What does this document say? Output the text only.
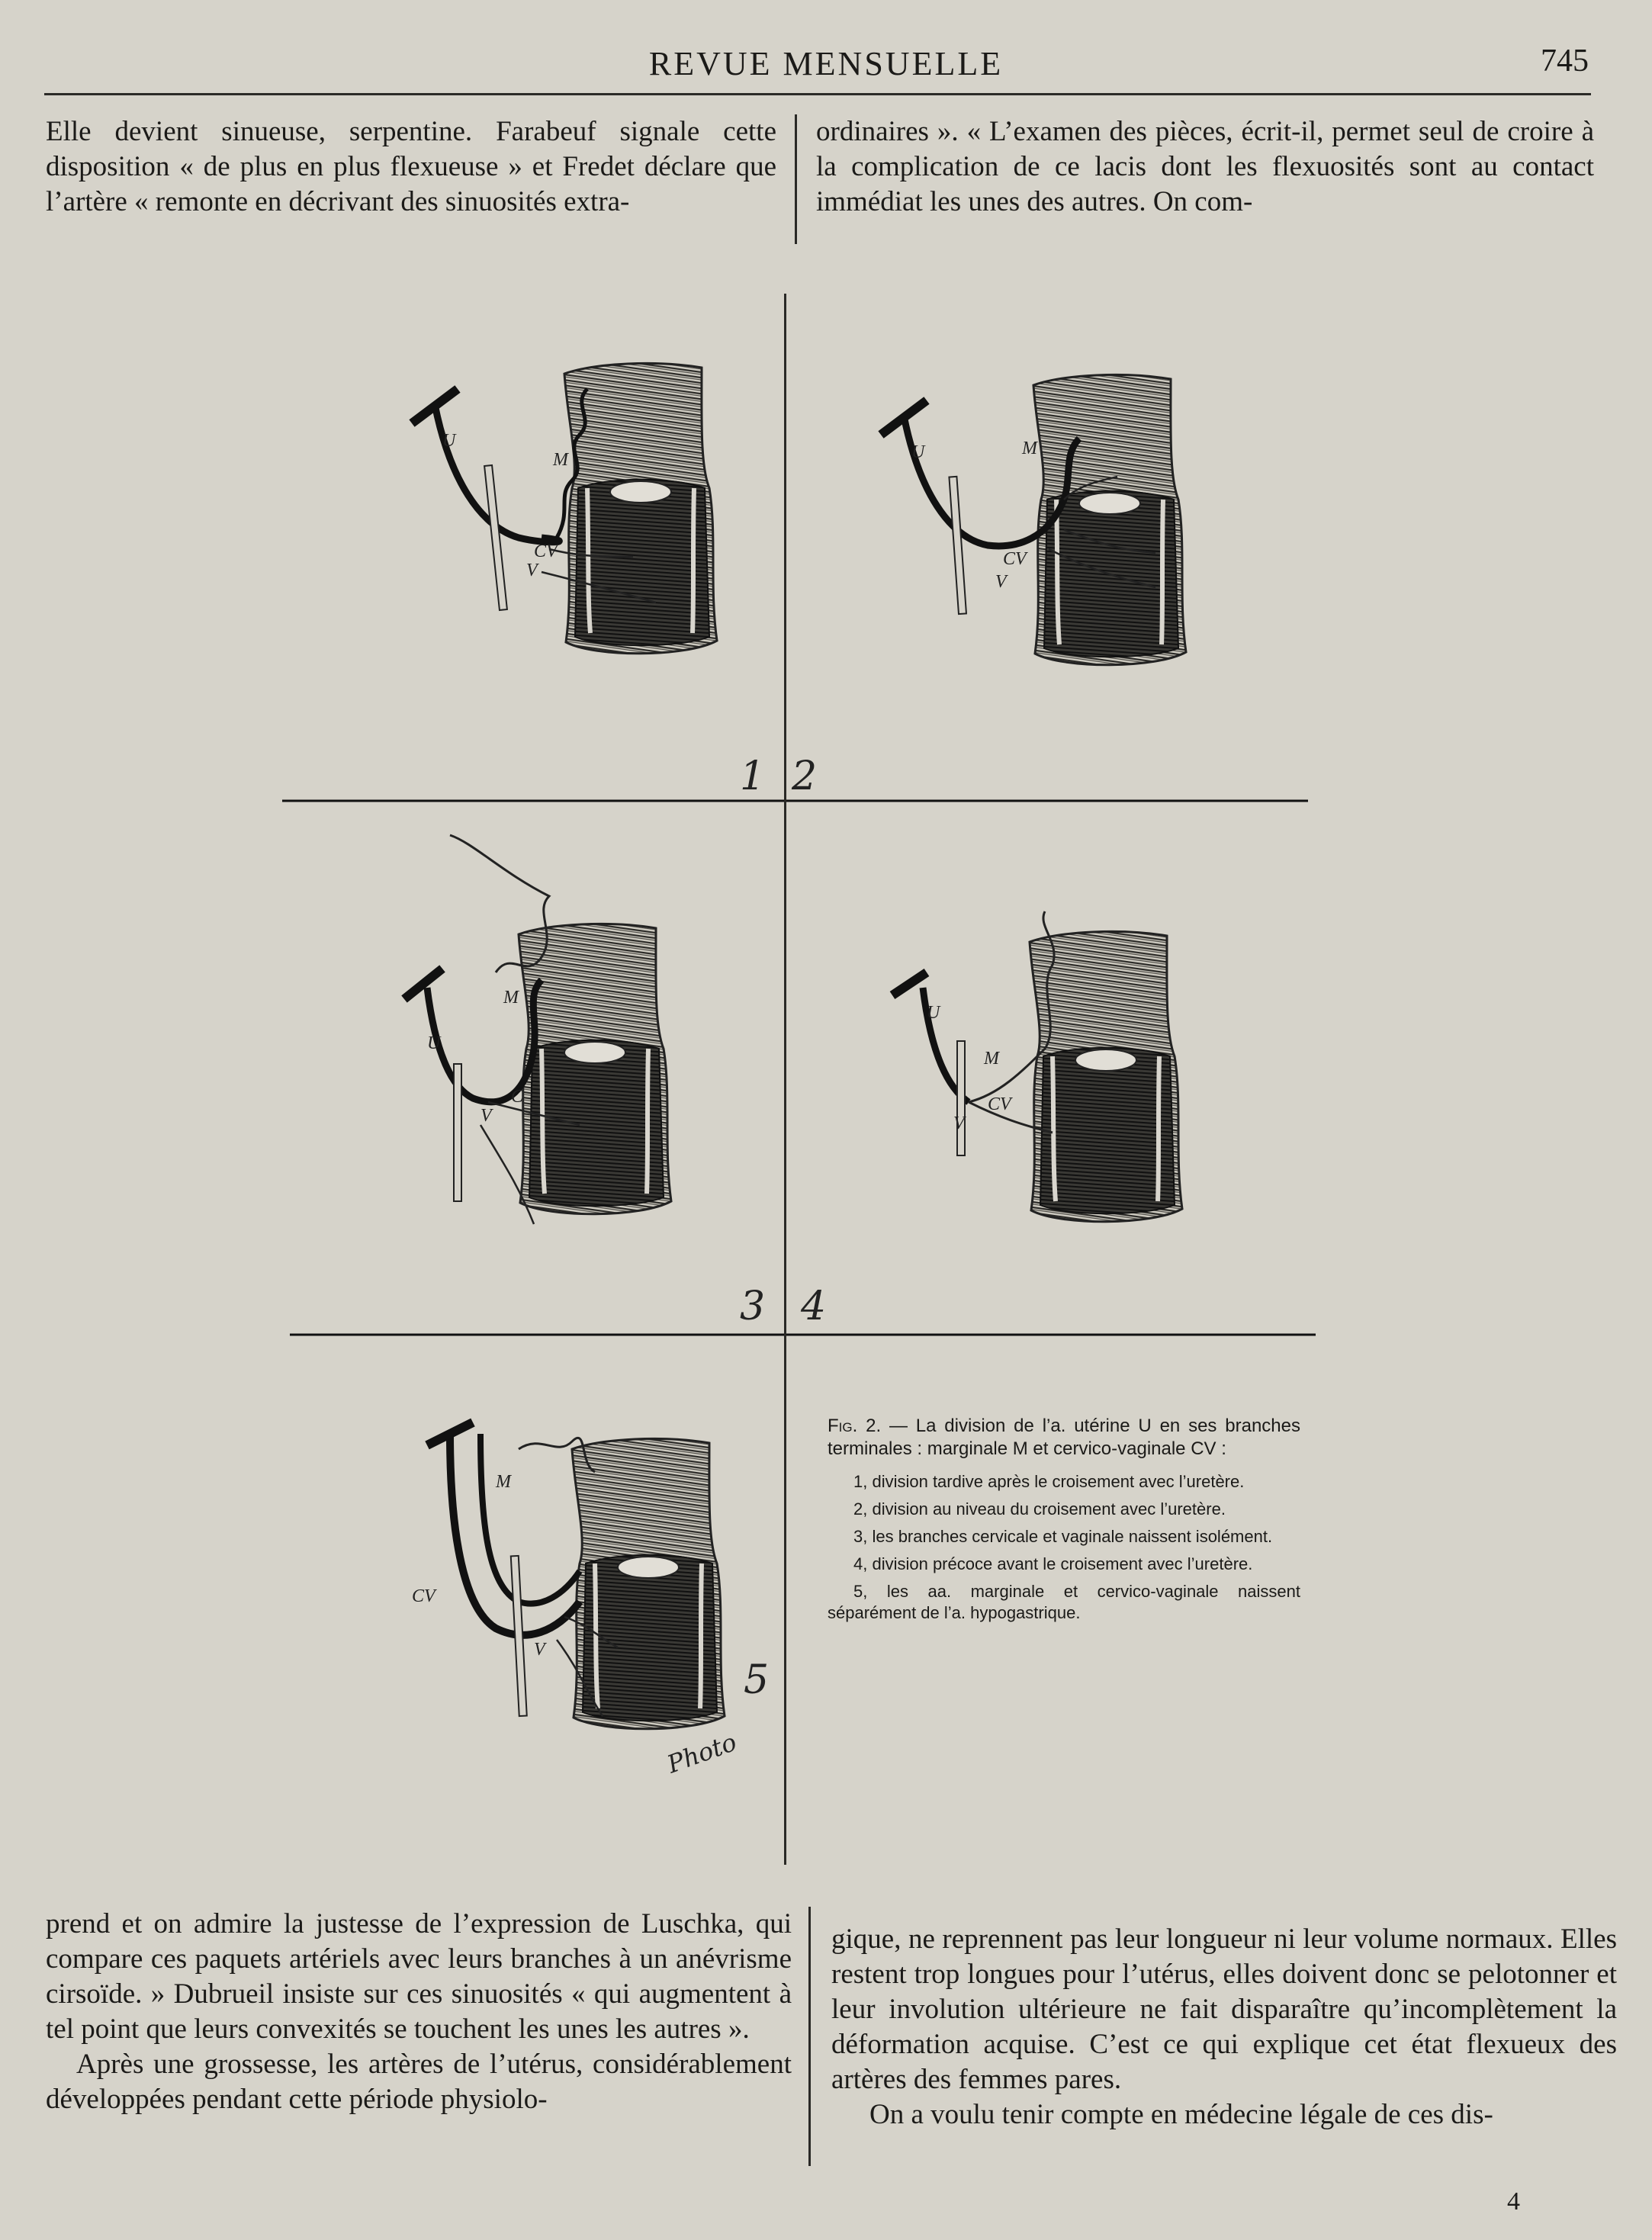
REVUE MENSUELLE	745

Elle devient sinueuse, serpentine. Farabeuf signale cette disposition « de plus en plus flexueuse » et Fredet déclare que l’artère « remonte en décrivant des sinuosités extra-

ordinaires ». « L’examen des pièces, écrit-il, permet seul de croire à la complication de ce lacis dont les flexuosités sont au contact immédiat les unes des autres. On com-

U
M
CV
V
1
U	M
CV
V
2
U
M
C
V
3
U
M
CV
V
4
M
CV
V
5
Photo

Fig. 2. — La division de l’a. utérine U en ses branches terminales : marginale M et cervico-vaginale CV :

1, division tardive après le croisement avec l’uretère.

2, division au niveau du croisement avec l’uretère.

3, les branches cervicale et vaginale naissent isolément.

4, division précoce avant le croisement avec l’uretère.

5, les aa. marginale et cervico-vaginale naissent séparément de l’a. hypogastrique.

prend et on admire la justesse de l’expression de Luschka, qui compare ces paquets artériels avec leurs branches à un anévrisme cirsoïde. » Dubrueil insiste sur ces sinuosités « qui augmentent à tel point que leurs convexités se touchent les unes les autres ».

Après une grossesse, les artères de l’utérus, considérablement développées pendant cette période physiolo-

gique, ne reprennent pas leur longueur ni leur volume normaux. Elles restent trop longues pour l’utérus, elles doivent donc se pelotonner et leur involution ultérieure ne fait disparaître qu’incomplètement la déformation acquise. C’est ce qui explique cet état flexueux des artères des femmes pares.

On a voulu tenir compte en médecine légale de ces dis-

4
